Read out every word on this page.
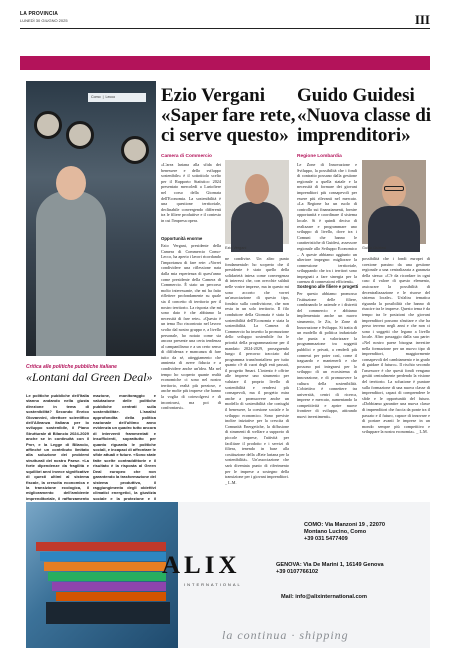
LA PROVINCIA
LUNEDÌ 30 GIUGNO 2025	III
Como  |  Lecco
Critica alle politiche pubbliche italiane
«Lontani dal Green Deal»
Le politiche pubbliche dell'Italia stanno andando nella giusta direzione in tema di sostenibilità? Secondo Enrico Giovannini, direttore scientifico dell'Alleanza italiana per lo sviluppo sostenibile, il Piano Strutturale di Bilancio 2024-2029 anche se in continuità con il Pnrr, e la Legge di Bilancio, affinché un contributo limitato alla soluzione dei problemi strutturali del nostro Paese. «La forte dipendenze da fragilità e squilibri anni invece significative di questi ultimi al sistema fiscale, la crescita economica e la transizione ecologica, il miglioramento dell'ambiente imprenditoriale, il rafforzamento
mazione, monitoraggio e valutazione delle politiche pubbliche centrati sulla sostenibilità». L'analisi approfondita della politica nazionale dell'ultimo anno evidenzia un quadro tutto ancora di interventi frammentati e insufficienti, soprattutto per quanto riguarda le politiche sociali, e incapaci di affrontare le sfide attuali e future. «Sono state fatte scelte contraddittorie e il risultato è la risposta al Green Deal europeo che non garantendo la trasformazione del sistema produttivo, il raggiungimento degli obiettivi climatici energetici, la giustizia sociale e la protezione e il
Ezio Vergani «Saper fare rete, ci serve questo»
Camera di Commercio
«L'area lariana alla sfida dei benessere e dello sviluppo sostenibile» è il sottotitolo scelto per il Rapporto Statistico 2024 presentato mercoledì a Lariofiere nel corso della Giornata dell'Economia. La sostenibilità è una questione territoriale, declinabile convergendo differenti tra le filiere produttive e il contesto in cui l'impresa opera.
Opportunità enorme
Ezio Vergani, presidente della Camera di Commercio Como-Lecco, ha aperto i lavori ricordando l'importanza di fare rete: «Vorrei condividere una riflessione nata dalla mia esperienza di quest'anno come presidente della Camera di Commercio. È stato un percorso molto interessante, che mi ha fatto riflettere profondamente su quale sia il concetto di territorio per il nostro territorio. La risposta che mi sono dato è che abbiamo la necessità di fare rete». «Questo è un tema l'ho riscontrato nel lavoro svolto dal nostro gruppo e, a livello personale, ho notato come sia ancora presente una certa tendenza al campanilismo e a un certo senso di diffidenza e mancanza di fare tutto da sé, atteggiamento che annienta di avere fiducia e a condividere anche un'idea. Ma nel tempo ho scoperto quante realtà economiche ci sono nel nostro territorio, realtà più preziose, e anche molte più imprese che hanno la voglia di coinvolgersi e di incontrarsi, ma poi di confrontarsi».
Ezio Vergani
ne condivise. Un altro punto fondamentale: ho scoperto che il presidente è stato quello della solidarietà intesa come convergenza di interessi che, con orecchie saldati nelle vostre imprese, ma in questo mi sono accorto che vorrei un'associazione di questo tipo, fondato sulla condivisione, che non resta in un solo territorio. Il filo conduttore della Giornata è stata la sostenibilità dell'Economia e stata la sostenibilità. La Camera di Commercio ha inserito la promozione dello sviluppo sostenibile fra le priorità della programmazione per il mandato 2024-2029, proseguendo lungo il percorso tracciato dal programma transfrontaliero per tutto quanto c'è di cuori degli enti passati, il progetto Smart. L'intento è offrire alle imprese uno strumento per valutare il proprio livello di sostenibilità e rendersi più consapevoli, ma il progetto mira anche a promuovere anche un modello di sostenibilità che coniughi il benessere, la coesione sociale e lo sviluppo economico. Sono previste inoltre iniziative per la crescita di Comunità Energetiche, la diffusione di strumenti di welfare a supporto di piccole imprese, l'attività per facilitare il prodotto e i servizi di filiera, tenendo in base alla costituzione della «Rete lariana per la sostenibilità». Un'associazione che sarà diventata punto di riferimento per le imprese a sostegno della transizione per i giovani imprenditori. _ L.M.
Guido Guidesi «Nuova classe di imprenditori»
Regione Lombardia
Le Zone di Innovazione e Sviluppo, la possibilità che i fondi di contratto possano dalla gestione regionale a quella statale e la necessità di formare dei giovani imprenditori più consapevoli per essere più rilevanti nel mercato. «La Regione ha un ruolo di controllo sui finanziamenti, fornire opportunità e coordinare il sistema locale. Si è quindi deciso di realizzare e programmare uno sviluppo di livello, dove tra i Comuni che hanno le caratteristiche di Guidesi, assessore regionale allo Sviluppo Economico – A queste abbiamo aggiunto un ulteriore impegno: migliorare la connessione territoriale, sviluppando che tra i territori sono impegnati a fare sinergia per la carenza di connessioni efficienti».
Sostegno alle filiere e progetti
Per questo abbiamo promosso l'istituzione delle filiere, combinando le aziende e i distretti del commercio e abbiamo implementato anche un nuovo strumento, le Zis, le Zone di Innovazione e Sviluppo. Si tratta di un modello di politica industriale che punta a valorizzare la programmazione tra soggetti pubblici e privati, a renderli più connessi per poter così, come il traguardo e mantenerli e che possono poi integrarsi per lo sviluppo di un ecosistema di innovazione, e di promuovere la cultura della sostenibilità. L'obiettivo è connettere tra università, centri di ricerca, imprese e mercato, aumentando la competitività e aprire nuove frontiere di sviluppo, attirando nuovi investimenti».
Guido Guidesi
possibilità che i fondi europei di coesione passino da una gestione regionale a una centralizzata a garanzia della stessa: «C'è da ricordare in ogni caso il valore di questo elemento, assicurare la possibilità di decentralizzazione e le risorse del sistema locale». Un'altra tematica riguarda la possibilità che hanno di riuscire tra le imprese. Questo tema è da tempo tra le posizioni che giovani imprenditori possono sfruttare e che ha perso terreno negli anni e che non ci sono i soggetti che legano a livello locale. Altro passaggio dalla sua parte: «Nel nostro paese bisogna investire nella formazione per un nuovo tipo di imprenditori, maggiormente consapevoli del cambiamento e in grado di guidare il futuro». Il rischio secondo l'assessore è che questi fondi vengano gestiti centralmente perdendo la visione del territorio. La soluzione è puntare sulla formazione di una nuova classe di imprenditori, capaci di comprendere le sfide e le opportunità del futuro. «Dobbiamo garantire una nuova classe di imprenditori che faccia da ponte tra il passato e il futuro, capace di innovare e di portare avanti le imprese in un mondo sempre più competitivo e sviluppare la nostra economia». _ L.M.
ALIX
INTERNATIONAL
COMO: Via Manzoni 19 , 22070
Montano Lucino, Como
+39 031 5477409
GENOVA: Via De Marini 1, 16149 Genova
+39 0107766102
Mail: info@alixinternational.com
la continua · shipping
